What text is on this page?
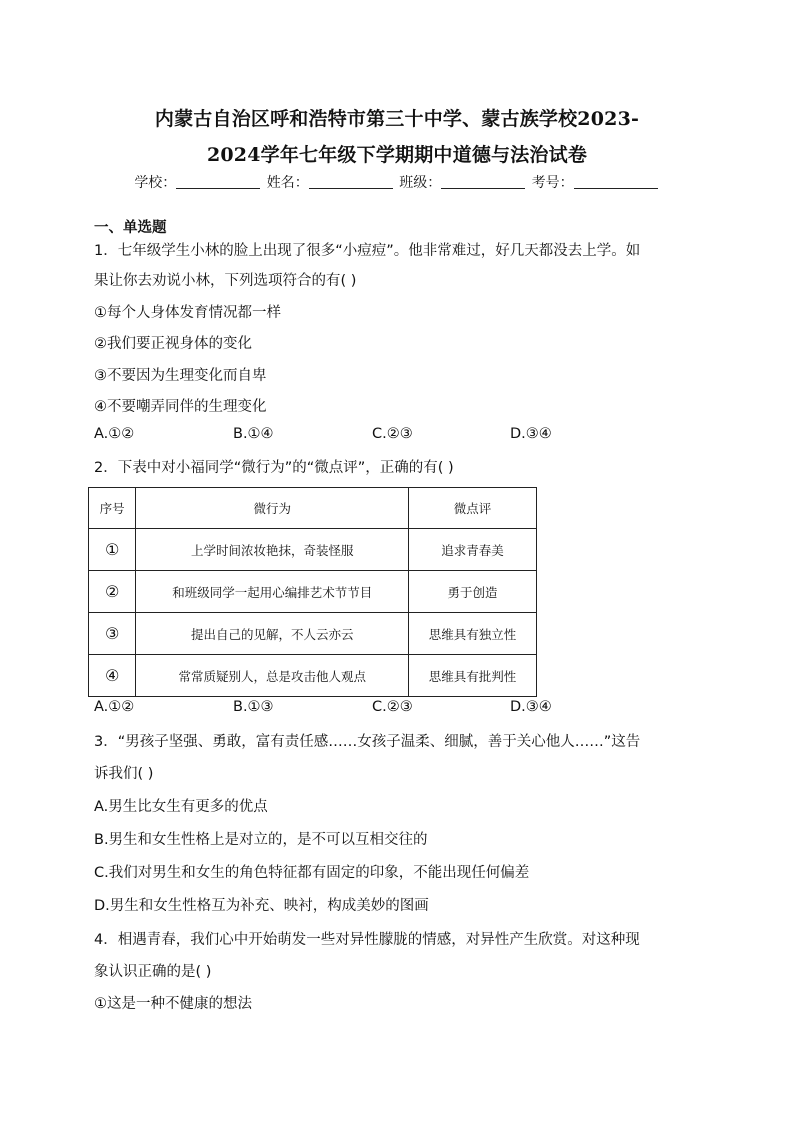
内蒙古自治区呼和浩特市第三十中学、蒙古族学校2023-
2024学年七年级下学期期中道德与法治试卷
学校：	姓名：	班级：	考号：
一、单选题
1．七年级学生小林的脸上出现了很多“小痘痘”。他非常难过，好几天都没去上学。如
果让你去劝说小林，下列选项符合的有( )
①每个人身体发育情况都一样
②我们要正视身体的变化
③不要因为生理变化而自卑
④不要嘲弄同伴的生理变化
A.①②	B.①④	C.②③	D.③④
2．下表中对小福同学“微行为”的“微点评”，正确的有( )
序号	微行为	微点评
①	上学时间浓妆艳抹，奇装怪服	追求青春美
②	和班级同学一起用心编排艺术节节目	勇于创造
③	提出自己的见解，不人云亦云	思维具有独立性
④	常常质疑别人，总是攻击他人观点	思维具有批判性
A.①②	B.①③	C.②③	D.③④
3．“男孩子坚强、勇敢，富有责任感……女孩子温柔、细腻，善于关心他人……”这告
诉我们( )
A.男生比女生有更多的优点
B.男生和女生性格上是对立的，是不可以互相交往的
C.我们对男生和女生的角色特征都有固定的印象，不能出现任何偏差
D.男生和女生性格互为补充、映衬，构成美妙的图画
4．相遇青春，我们心中开始萌发一些对异性朦胧的情感，对异性产生欣赏。对这种现
象认识正确的是( )
①这是一种不健康的想法
